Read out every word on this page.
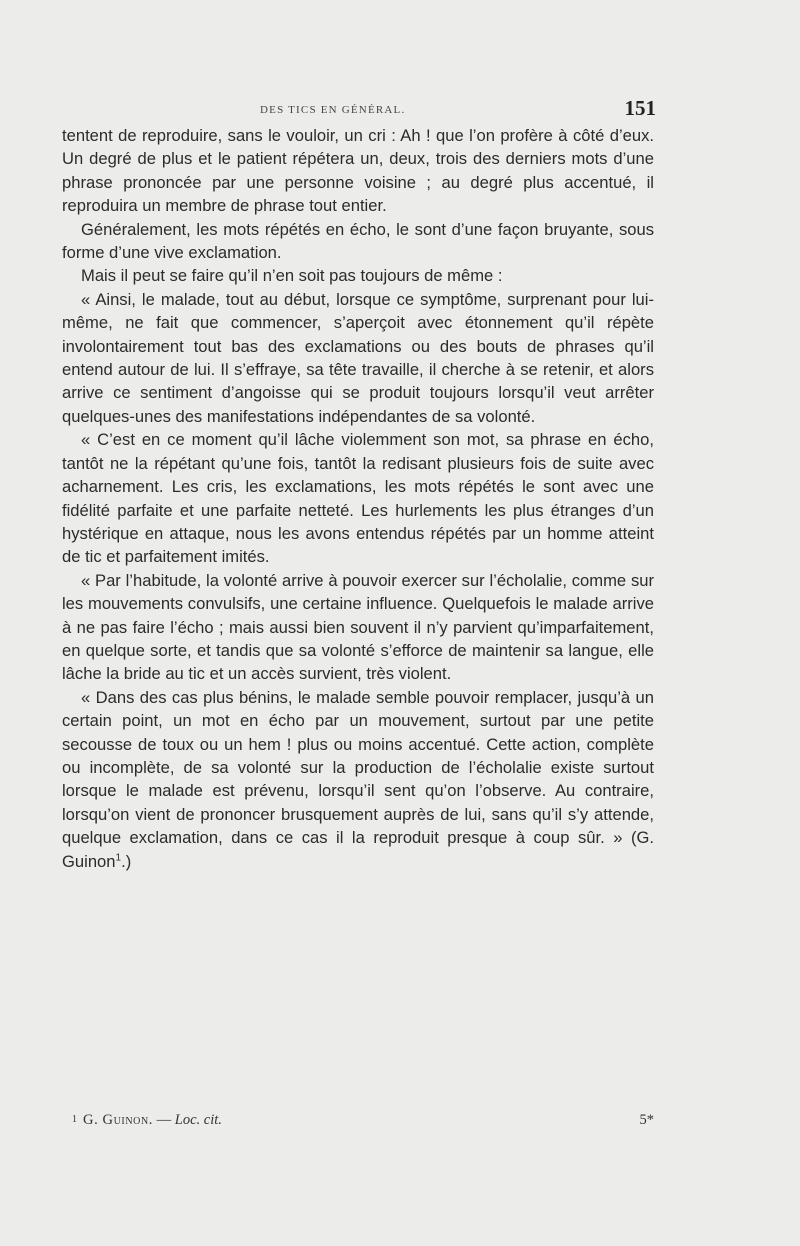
DES TICS EN GÉNÉRAL.	151

tentent de reproduire, sans le vouloir, un cri : Ah ! que l’on profère à côté d’eux. Un degré de plus et le patient répétera un, deux, trois des derniers mots d’une phrase prononcée par une personne voisine ; au degré plus accentué, il reproduira un membre de phrase tout entier.

Généralement, les mots répétés en écho, le sont d’une façon bruyante, sous forme d’une vive exclamation.

Mais il peut se faire qu’il n’en soit pas toujours de même :

« Ainsi, le malade, tout au début, lorsque ce symptôme, surprenant pour lui-même, ne fait que commencer, s’aperçoit avec étonnement qu’il répète involontairement tout bas des exclamations ou des bouts de phrases qu’il entend autour de lui. Il s’effraye, sa tête travaille, il cherche à se retenir, et alors arrive ce sentiment d’angoisse qui se produit toujours lorsqu’il veut arrêter quelques-unes des manifestations indépendantes de sa volonté.

« C’est en ce moment qu’il lâche violemment son mot, sa phrase en écho, tantôt ne la répétant qu’une fois, tantôt la redisant plusieurs fois de suite avec acharnement. Les cris, les exclamations, les mots répétés le sont avec une fidélité parfaite et une parfaite netteté. Les hurlements les plus étranges d’un hystérique en attaque, nous les avons entendus répétés par un homme atteint de tic et parfaitement imités.

« Par l’habitude, la volonté arrive à pouvoir exercer sur l’écholalie, comme sur les mouvements convulsifs, une certaine influence. Quelquefois le malade arrive à ne pas faire l’écho ; mais aussi bien souvent il n’y parvient qu’imparfaitement, en quelque sorte, et tandis que sa volonté s’efforce de maintenir sa langue, elle lâche la bride au tic et un accès survient, très violent.

« Dans des cas plus bénins, le malade semble pouvoir remplacer, jusqu’à un certain point, un mot en écho par un mouvement, surtout par une petite secousse de toux ou un hem ! plus ou moins accentué. Cette action, complète ou incomplète, de sa volonté sur la production de l’écholalie existe surtout lorsque le malade est prévenu, lorsqu’il sent qu’on l’observe. Au contraire, lorsqu’on vient de prononcer brusquement auprès de lui, sans qu’il s’y attende, quelque exclamation, dans ce cas il la reproduit presque à coup sûr. » (G. Guinon$^1$.)

1 G. Guinon. — Loc. cit.	5*
